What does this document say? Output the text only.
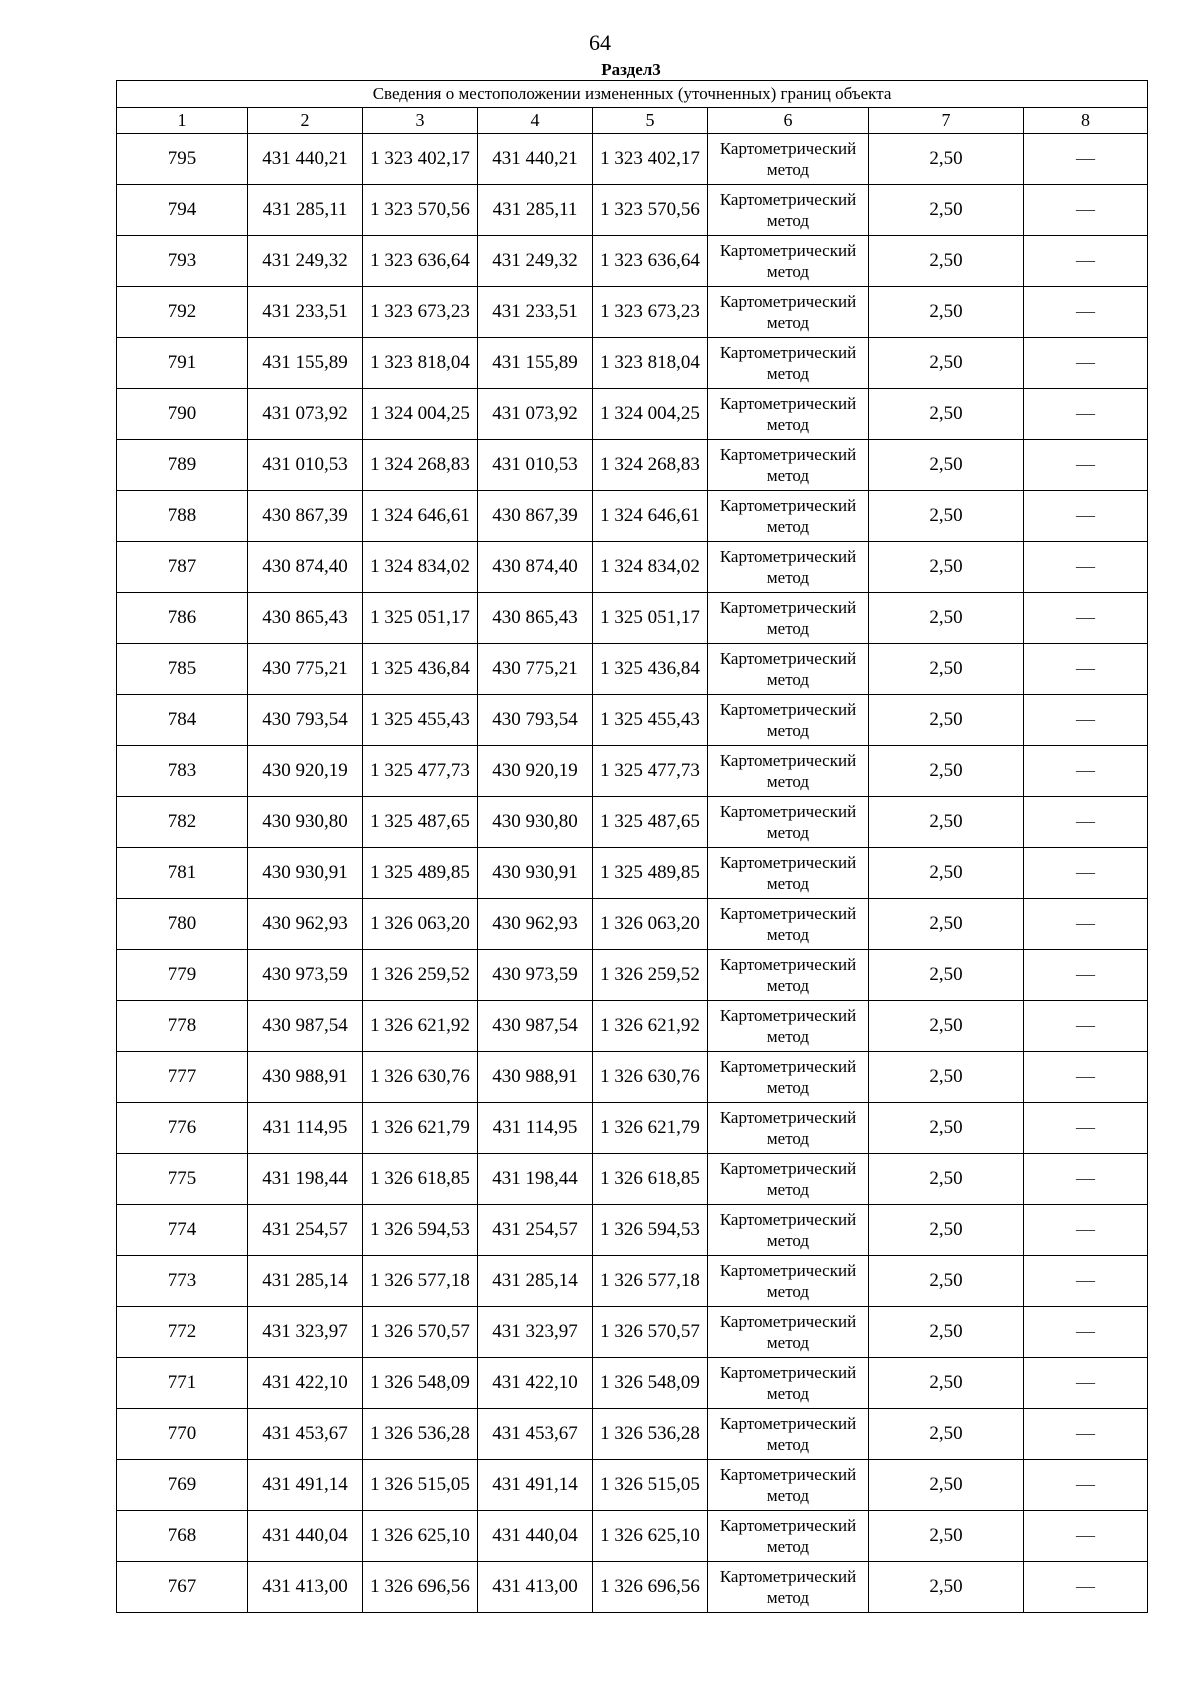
64
Раздел3
Сведения о местоположении измененных (уточненных) границ объекта							
1	2	3	4	5	6	7	8
795	431 440,21	1 323 402,17	431 440,21	1 323 402,17	Картометрический метод	2,50	—
794	431 285,11	1 323 570,56	431 285,11	1 323 570,56	Картометрический метод	2,50	—
793	431 249,32	1 323 636,64	431 249,32	1 323 636,64	Картометрический метод	2,50	—
792	431 233,51	1 323 673,23	431 233,51	1 323 673,23	Картометрический метод	2,50	—
791	431 155,89	1 323 818,04	431 155,89	1 323 818,04	Картометрический метод	2,50	—
790	431 073,92	1 324 004,25	431 073,92	1 324 004,25	Картометрический метод	2,50	—
789	431 010,53	1 324 268,83	431 010,53	1 324 268,83	Картометрический метод	2,50	—
788	430 867,39	1 324 646,61	430 867,39	1 324 646,61	Картометрический метод	2,50	—
787	430 874,40	1 324 834,02	430 874,40	1 324 834,02	Картометрический метод	2,50	—
786	430 865,43	1 325 051,17	430 865,43	1 325 051,17	Картометрический метод	2,50	—
785	430 775,21	1 325 436,84	430 775,21	1 325 436,84	Картометрический метод	2,50	—
784	430 793,54	1 325 455,43	430 793,54	1 325 455,43	Картометрический метод	2,50	—
783	430 920,19	1 325 477,73	430 920,19	1 325 477,73	Картометрический метод	2,50	—
782	430 930,80	1 325 487,65	430 930,80	1 325 487,65	Картометрический метод	2,50	—
781	430 930,91	1 325 489,85	430 930,91	1 325 489,85	Картометрический метод	2,50	—
780	430 962,93	1 326 063,20	430 962,93	1 326 063,20	Картометрический метод	2,50	—
779	430 973,59	1 326 259,52	430 973,59	1 326 259,52	Картометрический метод	2,50	—
778	430 987,54	1 326 621,92	430 987,54	1 326 621,92	Картометрический метод	2,50	—
777	430 988,91	1 326 630,76	430 988,91	1 326 630,76	Картометрический метод	2,50	—
776	431 114,95	1 326 621,79	431 114,95	1 326 621,79	Картометрический метод	2,50	—
775	431 198,44	1 326 618,85	431 198,44	1 326 618,85	Картометрический метод	2,50	—
774	431 254,57	1 326 594,53	431 254,57	1 326 594,53	Картометрический метод	2,50	—
773	431 285,14	1 326 577,18	431 285,14	1 326 577,18	Картометрический метод	2,50	—
772	431 323,97	1 326 570,57	431 323,97	1 326 570,57	Картометрический метод	2,50	—
771	431 422,10	1 326 548,09	431 422,10	1 326 548,09	Картометрический метод	2,50	—
770	431 453,67	1 326 536,28	431 453,67	1 326 536,28	Картометрический метод	2,50	—
769	431 491,14	1 326 515,05	431 491,14	1 326 515,05	Картометрический метод	2,50	—
768	431 440,04	1 326 625,10	431 440,04	1 326 625,10	Картометрический метод	2,50	—
767	431 413,00	1 326 696,56	431 413,00	1 326 696,56	Картометрический метод	2,50	—
